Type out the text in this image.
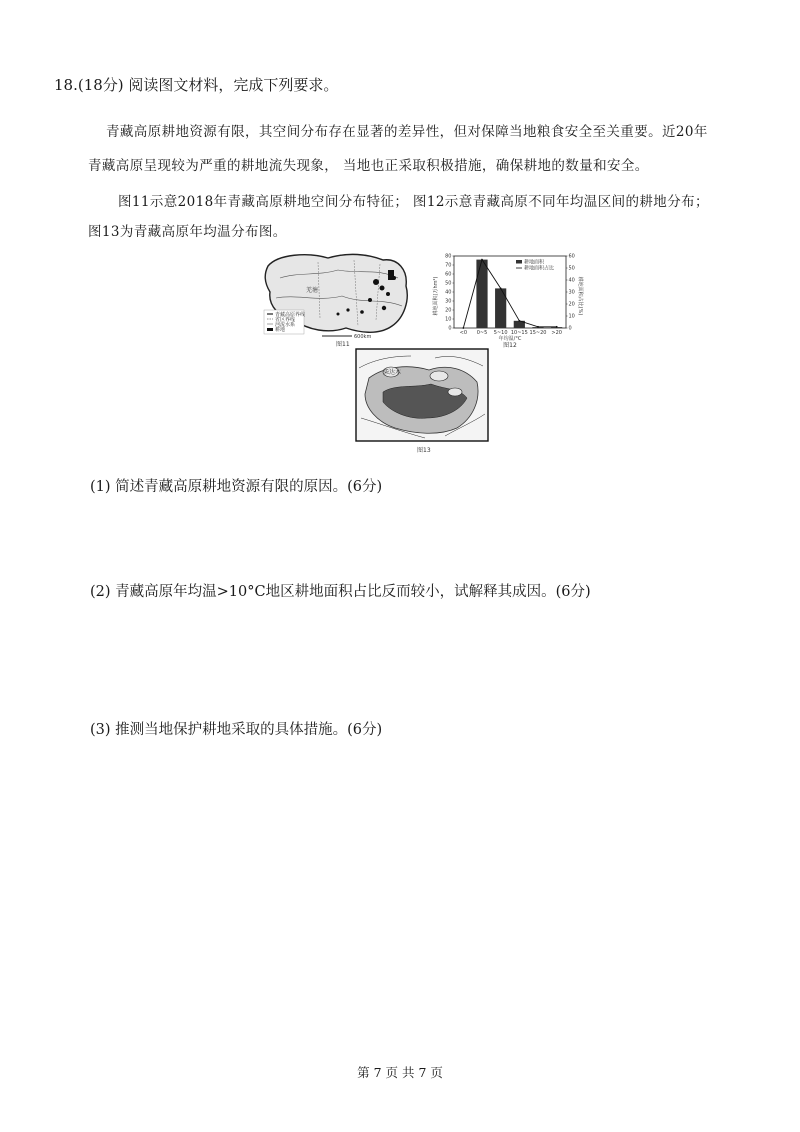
18.(18分) 阅读图文材料，完成下列要求。
青藏高原耕地资源有限，其空间分布存在显著的差异性，但对保障当地粮食安全至关重要。近20年
青藏高原呈现较为严重的耕地流失现象， 当地也正采取积极措施，确保耕地的数量和安全。
图11示意2018年青藏高原耕地空间分布特征； 图12示意青藏高原不同年均温区间的耕地分布；
图13为青藏高原年均温分布图。
羌塘
青藏高原界线
省区界线
河流水系
耕地
600km
图11
耕地面积(万hm²)	耕地面积占比(%)
年均温/°C
图12
耕地面积
耕地面积占比
0
10
20
30
40
50
60
70
80
0
10
20
30
40
50
60
<0 0~5 5~10 10~15 15~20 >20
柴达木
图13
(1) 简述青藏高原耕地资源有限的原因。(6分)
(2) 青藏高原年均温>10°C地区耕地面积占比反而较小，试解释其成因。(6分)
(3) 推测当地保护耕地采取的具体措施。(6分)
第 7 页 共 7 页
